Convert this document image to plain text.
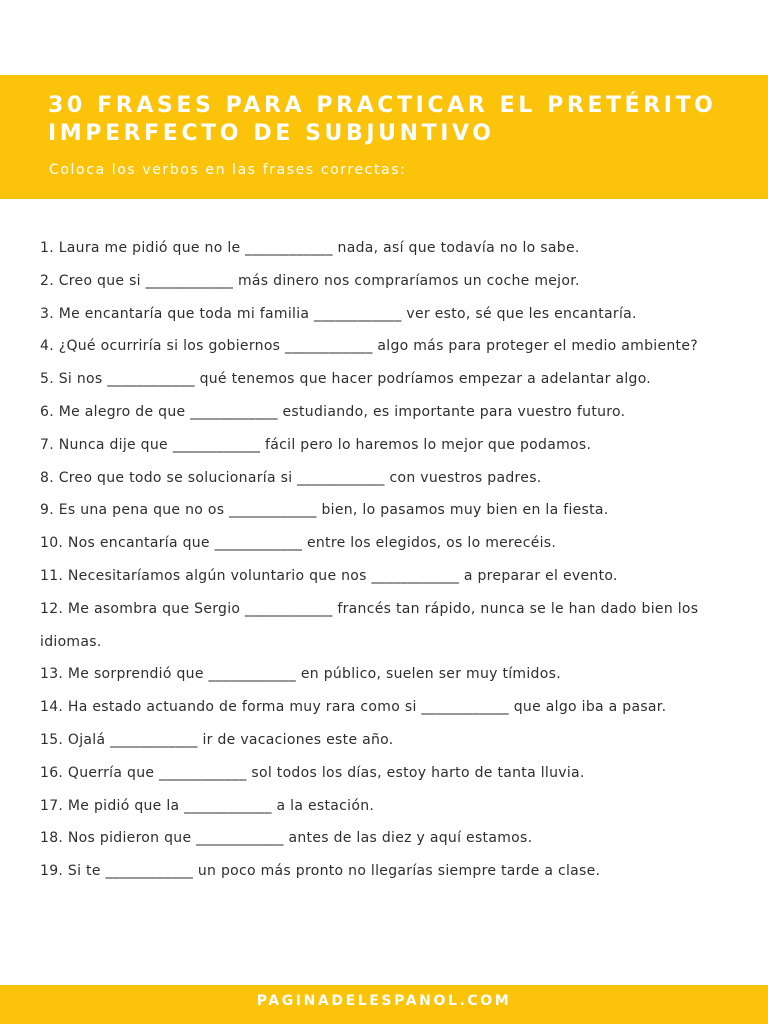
30 FRASES PARA PRACTICAR EL PRETÉRITO IMPERFECTO DE SUBJUNTIVO

Coloca los verbos en las frases correctas:

1. Laura me pidió que no le ____________ nada, así que todavía no lo sabe.
2. Creo que si ____________ más dinero nos compraríamos un coche mejor.
3. Me encantaría que toda mi familia ____________ ver esto, sé que les encantaría.
4. ¿Qué ocurriría si los gobiernos ____________ algo más para proteger el medio ambiente?
5. Si nos ____________ qué tenemos que hacer podríamos empezar a adelantar algo.
6. Me alegro de que ____________ estudiando, es importante para vuestro futuro.
7. Nunca dije que ____________ fácil pero lo haremos lo mejor que podamos.
8. Creo que todo se solucionaría si ____________ con vuestros padres.
9. Es una pena que no os ____________ bien, lo pasamos muy bien en la fiesta.
10. Nos encantaría que ____________ entre los elegidos, os lo merecéis.
11. Necesitaríamos algún voluntario que nos ____________ a preparar el evento.
12. Me asombra que Sergio ____________ francés tan rápido, nunca se le han dado bien los idiomas.
13. Me sorprendió que ____________ en público, suelen ser muy tímidos.
14. Ha estado actuando de forma muy rara como si ____________ que algo iba a pasar.
15. Ojalá ____________ ir de vacaciones este año.
16. Querría que ____________ sol todos los días, estoy harto de tanta lluvia.
17. Me pidió que la ____________ a la estación.
18. Nos pidieron que ____________ antes de las diez y aquí estamos.
19. Si te ____________ un poco más pronto no llegarías siempre tarde a clase.
PAGINADELESPANOL.COM
